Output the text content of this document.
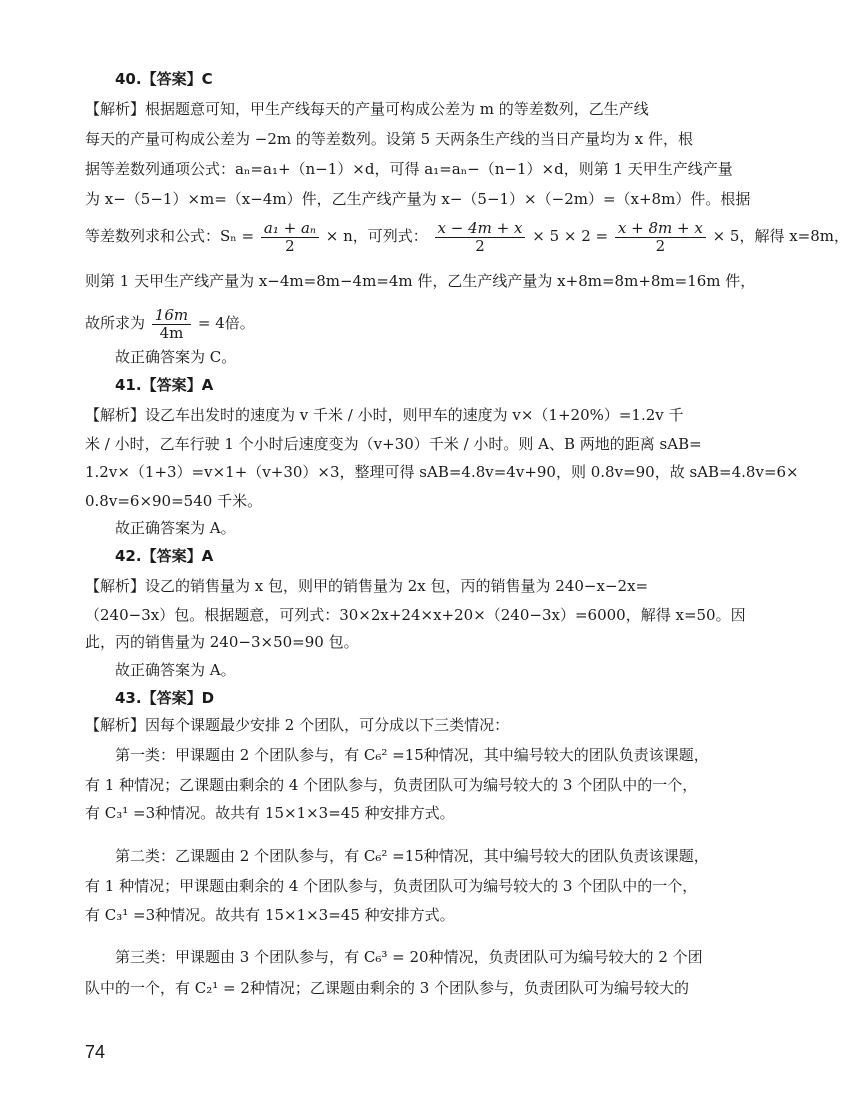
40.【答案】C
【解析】根据题意可知，甲生产线每天的产量可构成公差为 m 的等差数列，乙生产线
每天的产量可构成公差为 −2m 的等差数列。设第 5 天两条生产线的当日产量均为 x 件，根
据等差数列通项公式：aₙ=a₁+（n−1）×d，可得 a₁=aₙ−（n−1）×d，则第 1 天甲生产线产量
为 x−（5−1）×m=（x−4m）件，乙生产线产量为 x−（5−1）×（−2m）=（x+8m）件。根据
等差数列求和公式：$S_n = \frac{\text{a₁ + aₙ}}{2} \times n$，可列式： $\frac{x - 4m + x}{2} \times 5 \times 2 = \frac{x + 8m + x}{2} \times 5$，解得 x=8m，
则第 1 天甲生产线产量为 x−4m=8m−4m=4m 件，乙生产线产量为 x+8m=8m+8m=16m 件，
故所求为 $\frac{16m}{4m} = 4$倍。
故正确答案为 C。
41.【答案】A
【解析】设乙车出发时的速度为 v 千米 / 小时，则甲车的速度为 v×（1+20%）=1.2v 千
米 / 小时，乙车行驶 1 个小时后速度变为（v+30）千米 / 小时。则 A、B 两地的距离 sAB=
1.2v×（1+3）=v×1+（v+30）×3，整理可得 sAB=4.8v=4v+90，则 0.8v=90，故 sAB=4.8v=6×
0.8v=6×90=540 千米。
故正确答案为 A。
42.【答案】A
【解析】设乙的销售量为 x 包，则甲的销售量为 2x 包，丙的销售量为 240−x−2x=
（240−3x）包。根据题意，可列式：30×2x+24×x+20×（240−3x）=6000，解得 x=50。因
此，丙的销售量为 240−3×50=90 包。
故正确答案为 A。
43.【答案】D
【解析】因每个课题最少安排 2 个团队，可分成以下三类情况：
第一类：甲课题由 2 个团队参与，有 C₆² =15种情况，其中编号较大的团队负责该课题，
有 1 种情况；乙课题由剩余的 4 个团队参与，负责团队可为编号较大的 3 个团队中的一个，
有 C₃¹ =3种情况。故共有 15×1×3=45 种安排方式。
第二类：乙课题由 2 个团队参与，有 C₆² =15种情况，其中编号较大的团队负责该课题，
有 1 种情况；甲课题由剩余的 4 个团队参与，负责团队可为编号较大的 3 个团队中的一个，
有 C₃¹ =3种情况。故共有 15×1×3=45 种安排方式。
第三类：甲课题由 3 个团队参与，有 C₆³ = 20种情况，负责团队可为编号较大的 2 个团
队中的一个，有 C₂¹ = 2种情况；乙课题由剩余的 3 个团队参与，负责团队可为编号较大的
74
